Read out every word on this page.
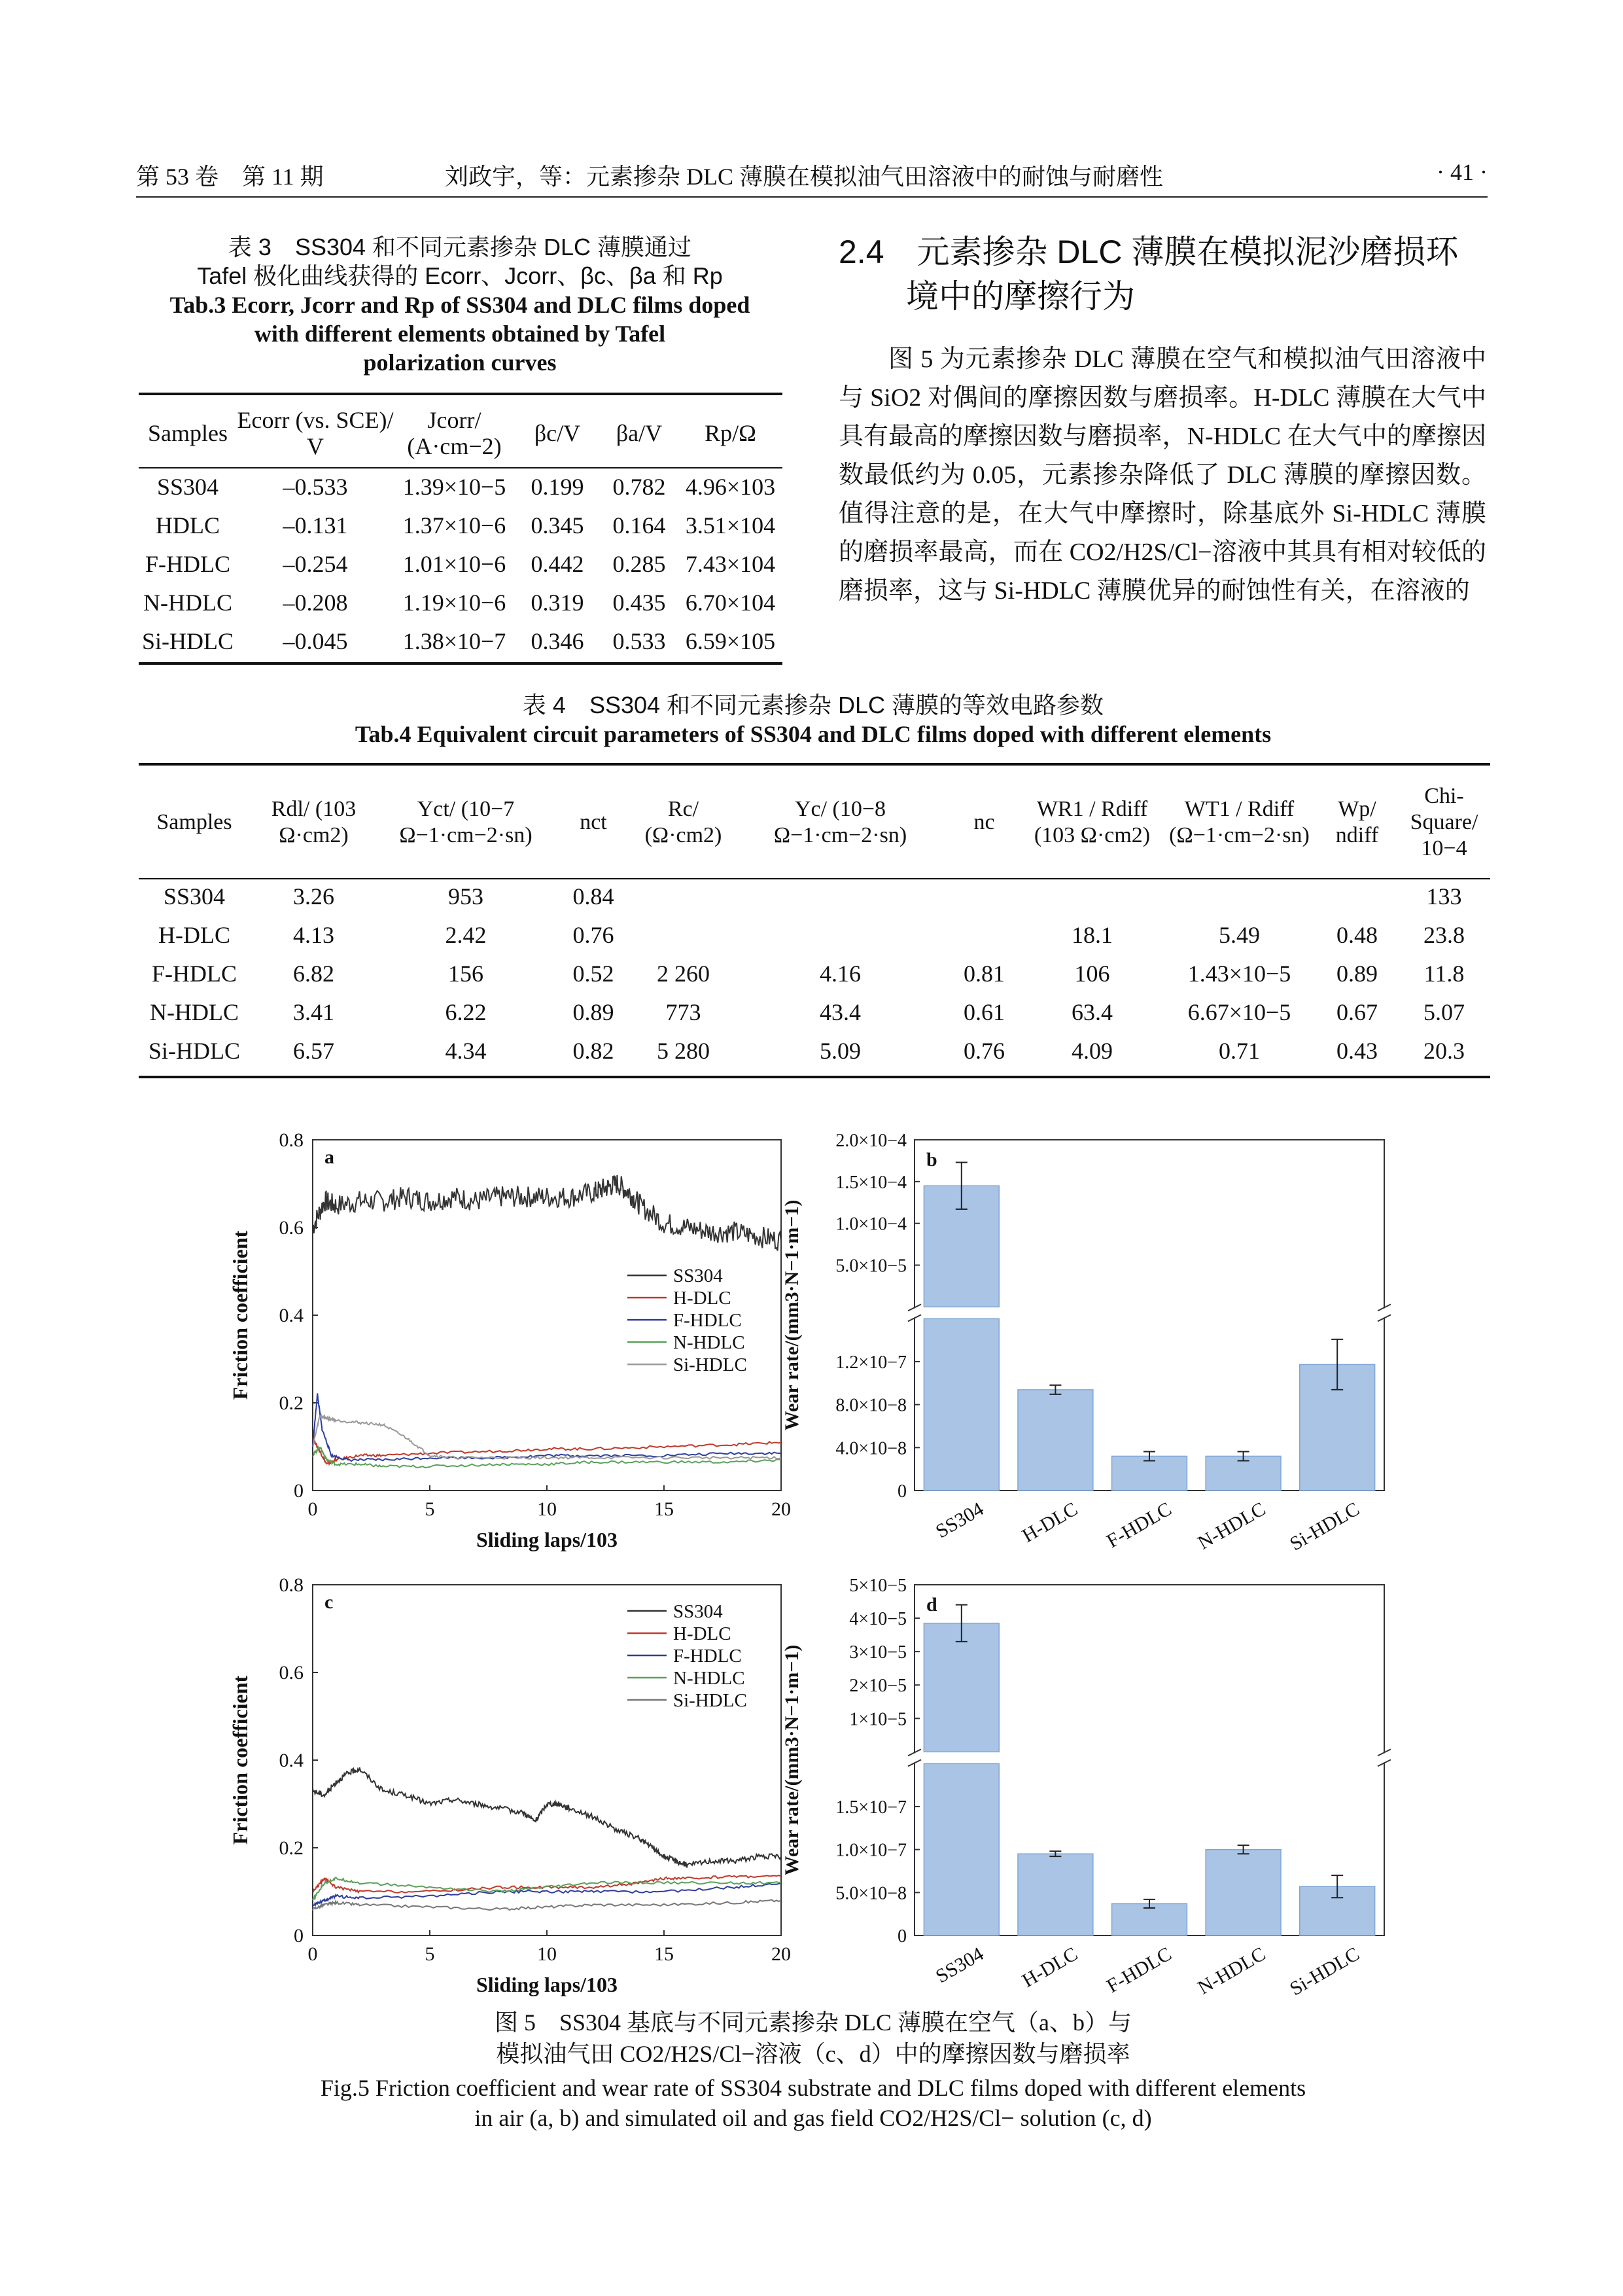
第 53 卷　第 11 期	刘政宇，等：元素掺杂 DLC 薄膜在模拟油气田溶液中的耐蚀与耐磨性	· 41 ·
表 3　SS304 和不同元素掺杂 DLC 薄膜通过
Tafel 极化曲线获得的 Ecorr、Jcorr、βc、βa 和 Rp
Tab.3 Ecorr, Jcorr and Rp of SS304 and DLC films doped
with different elements obtained by Tafel
polarization curves
Samples	Ecorr (vs. SCE)/ V	Jcorr/ (A·cm−2)	βc/V	βa/V	Rp/Ω
SS304	–0.533	1.39×10−5	0.199	0.782	4.96×103
HDLC	–0.131	1.37×10−6	0.345	0.164	3.51×104
F-HDLC	–0.254	1.01×10−6	0.442	0.285	7.43×104
N-HDLC	–0.208	1.19×10−6	0.319	0.435	6.70×104
Si-HDLC	–0.045	1.38×10−7	0.346	0.533	6.59×105
2.4　元素掺杂 DLC 薄膜在模拟泥沙磨损环
境中的摩擦行为

图 5 为元素掺杂 DLC 薄膜在空气和模拟油气田溶液中与 SiO2 对偶间的摩擦因数与磨损率。H-DLC 薄膜在大气中具有最高的摩擦因数与磨损率，N-HDLC 在大气中的摩擦因数最低约为 0.05，元素掺杂降低了 DLC 薄膜的摩擦因数。值得注意的是，在大气中摩擦时，除基底外 Si-HDLC 薄膜的磨损率最高，而在 CO2/H2S/Cl−溶液中其具有相对较低的磨损率，这与 Si-HDLC 薄膜优异的耐蚀性有关，在溶液的

表 4　SS304 和不同元素掺杂 DLC 薄膜的等效电路参数
Tab.4 Equivalent circuit parameters of SS304 and DLC films doped with different elements
Samples	Rdl/ (103 Ω·cm2)	Yct/ (10−7 Ω−1·cm−2·sn)	nct	Rc/ (Ω·cm2)	Yc/ (10−8 Ω−1·cm−2·sn)	nc	WR1 / Rdiff (103 Ω·cm2)	WT1 / Rdiff (Ω−1·cm−2·sn)	Wp/ ndiff	Chi-Square/ 10−4
SS304	3.26	953	0.84							133
H-DLC	4.13	2.42	0.76				18.1	5.49	0.48	23.8
F-HDLC	6.82	156	0.52	2 260	4.16	0.81	106	1.43×10−5	0.89	11.8
N-HDLC	3.41	6.22	0.89	773	43.4	0.61	63.4	6.67×10−5	0.67	5.07
Si-HDLC	6.57	4.34	0.82	5 280	5.09	0.76	4.09	0.71	0.43	20.3
0	5	10	15	20
0
0.2
0.4
0.6
0.8
Sliding laps/103
Friction coefficient
a
SS304
H-DLC
F-HDLC
N-HDLC
Si-HDLC
SS304 H-DLC F-HDLC N-HDLC Si-HDLC
5.0×10−5
1.0×10−4
1.5×10−4
2.0×10−4
0
4.0×10−8
8.0×10−8
1.2×10−7
Wear rate/(mm3·N−1·m−1)
b
0	5	10	15	20
0
0.2
0.4
0.6
0.8
Sliding laps/103
Friction coefficient
c	SS304
H-DLC
F-HDLC
N-HDLC
Si-HDLC
SS304 H-DLC F-HDLC N-HDLC Si-HDLC
1×10−5
2×10−5
3×10−5
4×10−5
5×10−5
0
5.0×10−8
1.0×10−7
1.5×10−7
Wear rate/(mm3·N−1·m−1)
d
图 5　SS304 基底与不同元素掺杂 DLC 薄膜在空气（a、b）与
模拟油气田 CO2/H2S/Cl−溶液（c、d）中的摩擦因数与磨损率
Fig.5 Friction coefficient and wear rate of SS304 substrate and DLC films doped with different elements
in air (a, b) and simulated oil and gas field CO2/H2S/Cl− solution (c, d)
